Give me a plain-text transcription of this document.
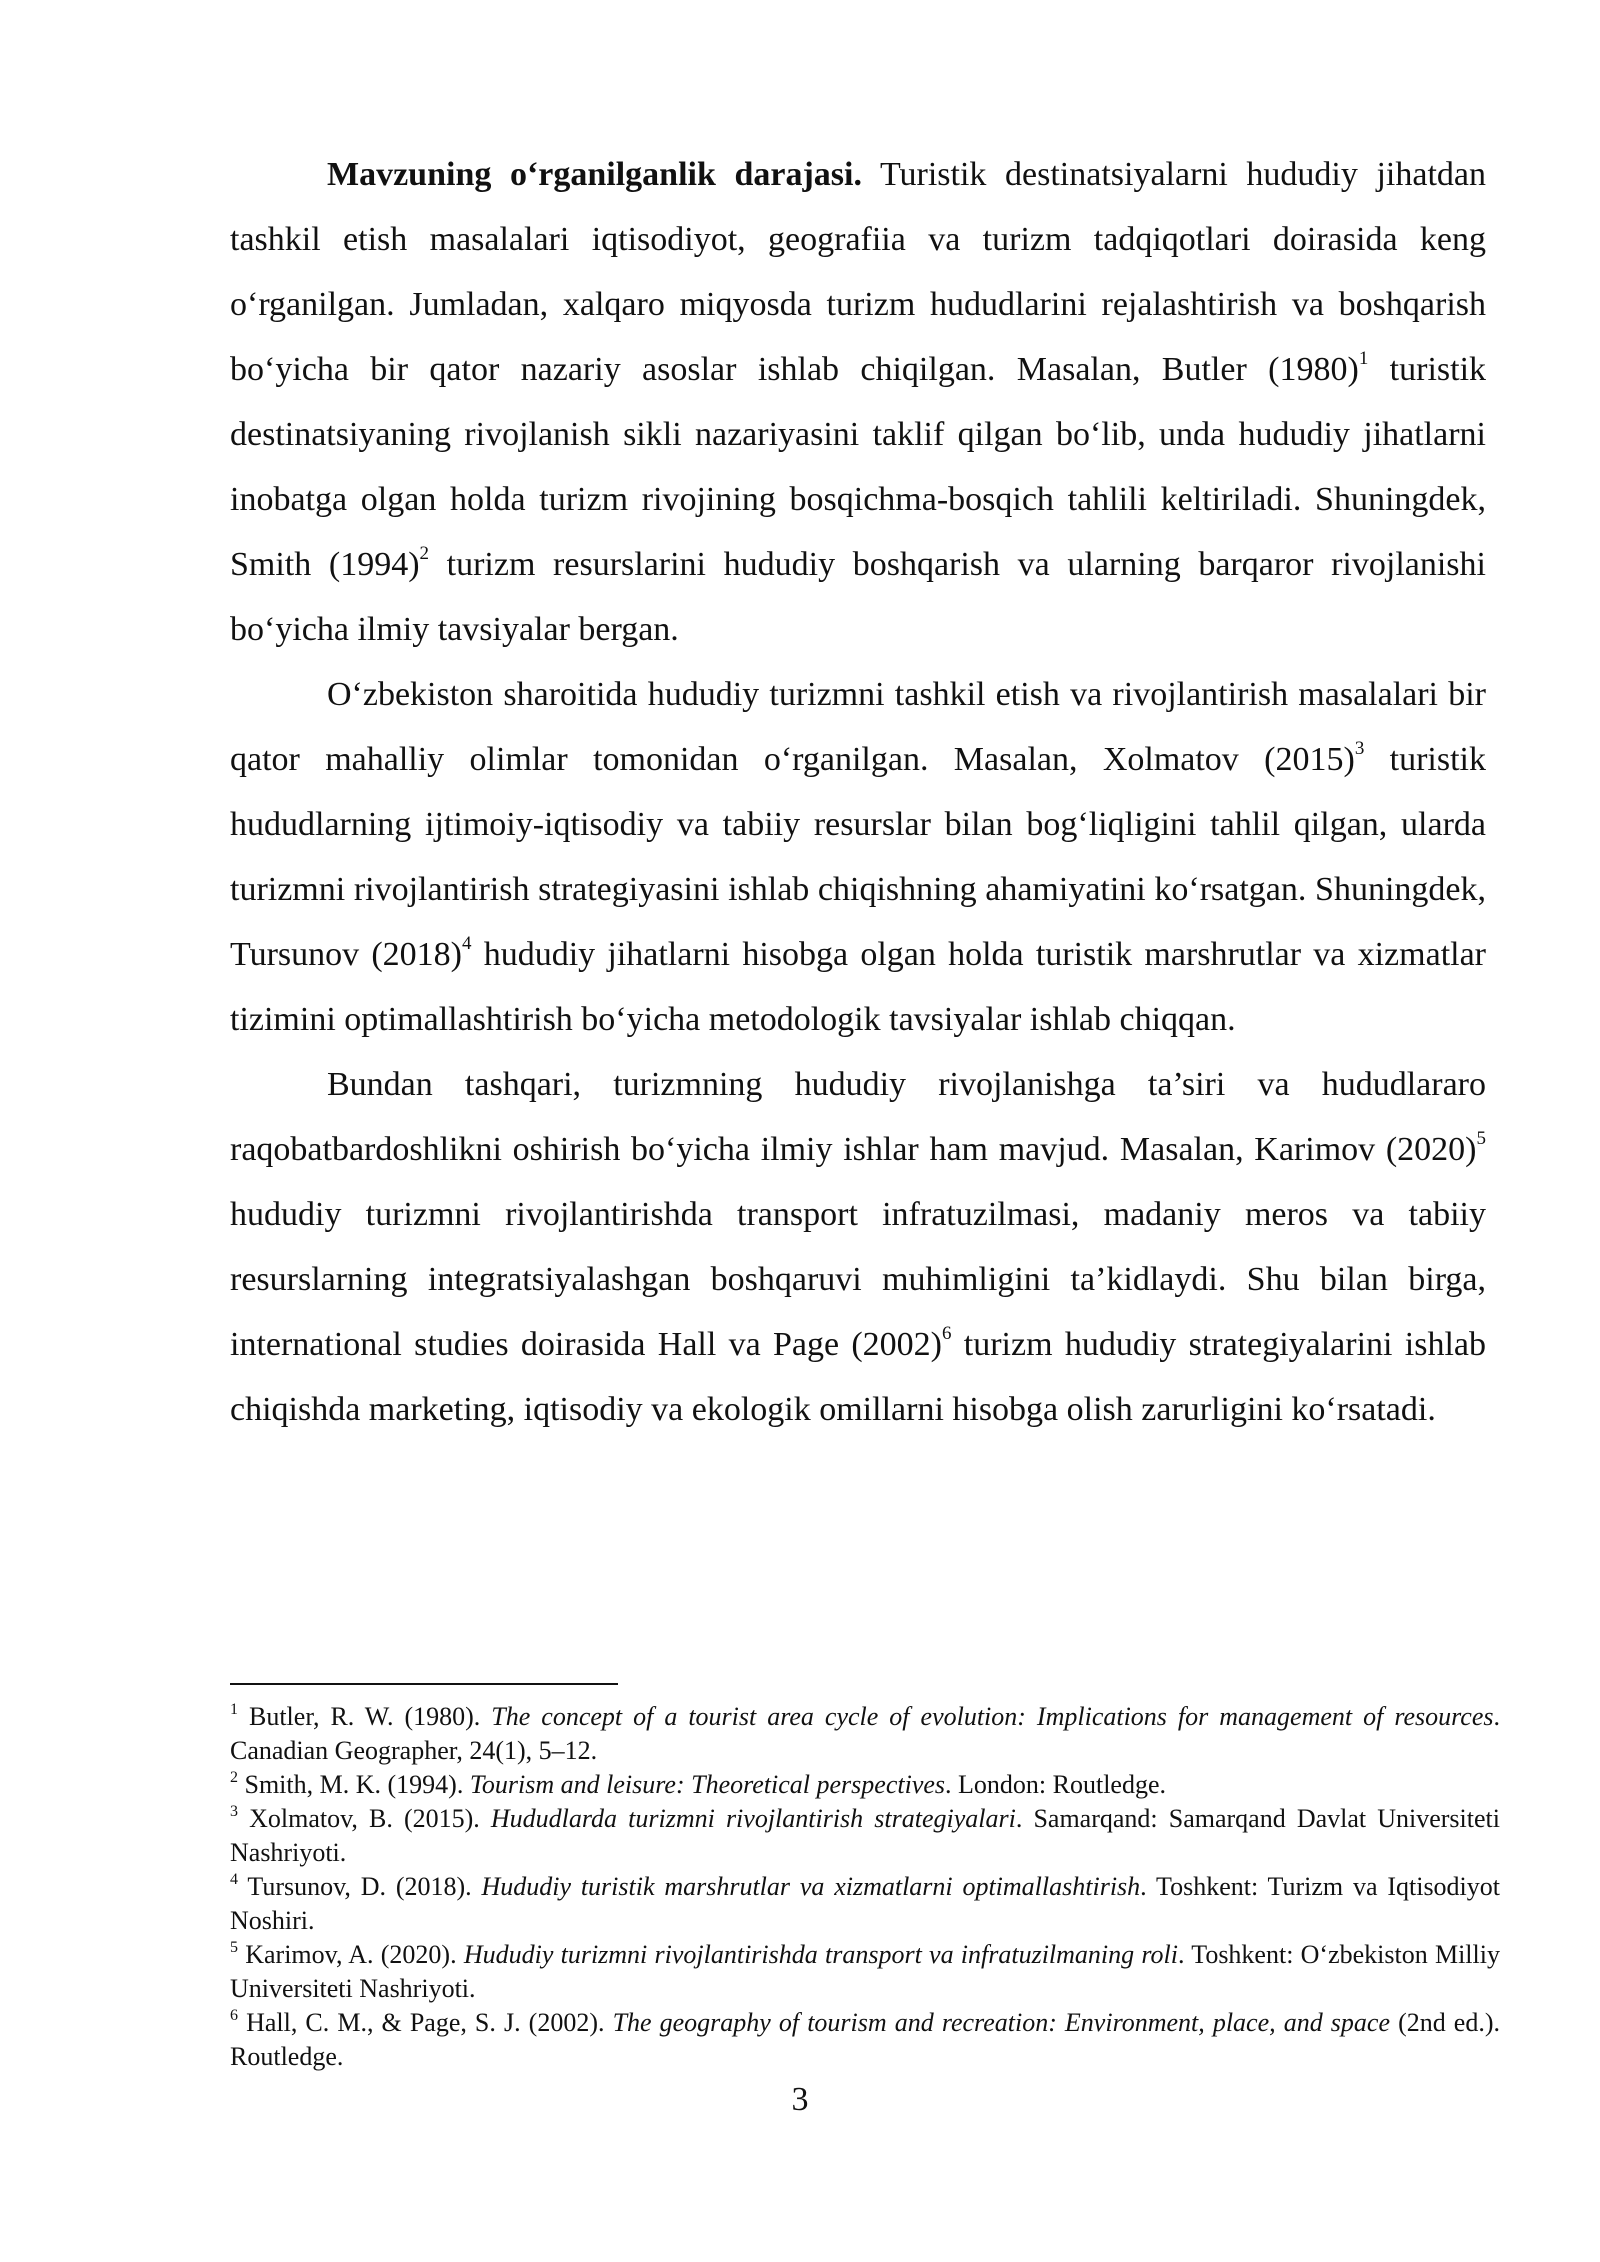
Mavzuning o‘rganilganlik darajasi. Turistik destinatsiyalarni hududiy jihatdan tashkil etish masalalari iqtisodiyot, geografiia va turizm tadqiqotlari doirasida keng o‘rganilgan. Jumladan, xalqaro miqyosda turizm hududlarini rejalashtirish va boshqarish bo‘yicha bir qator nazariy asoslar ishlab chiqilgan. Masalan, Butler (1980)$^1$ turistik destinatsiyaning rivojlanish sikli nazariyasini taklif qilgan bo‘lib, unda hududiy jihatlarni inobatga olgan holda turizm rivojining bosqichma-bosqich tahlili keltiriladi. Shuningdek, Smith (1994)$^2$ turizm resurslarini hududiy boshqarish va ularning barqaror rivojlanishi bo‘yicha ilmiy tavsiyalar bergan.

O‘zbekiston sharoitida hududiy turizmni tashkil etish va rivojlantirish masalalari bir qator mahalliy olimlar tomonidan o‘rganilgan. Masalan, Xolmatov (2015)$^3$ turistik hududlarning ijtimoiy-iqtisodiy va tabiiy resurslar bilan bog‘liqligini tahlil qilgan, ularda turizmni rivojlantirish strategiyasini ishlab chiqishning ahamiyatini ko‘rsatgan. Shuningdek, Tursunov (2018)$^4$ hududiy jihatlarni hisobga olgan holda turistik marshrutlar va xizmatlar tizimini optimallashtirish bo‘yicha metodologik tavsiyalar ishlab chiqqan.

Bundan tashqari, turizmning hududiy rivojlanishga ta’siri va hududlararo raqobatbardoshlikni oshirish bo‘yicha ilmiy ishlar ham mavjud. Masalan, Karimov (2020)$^5$ hududiy turizmni rivojlantirishda transport infratuzilmasi, madaniy meros va tabiiy resurslarning integratsiyalashgan boshqaruvi muhimligini ta’kidlaydi. Shu bilan birga, international studies doirasida Hall va Page (2002)$^6$ turizm hududiy strategiyalarini ishlab chiqishda marketing, iqtisodiy va ekologik omillarni hisobga olish zarurligini ko‘rsatadi.

$^1$ Butler, R. W. (1980). The concept of a tourist area cycle of evolution: Implications for management of resources. Canadian Geographer, 24(1), 5–12.

$^2$ Smith, M. K. (1994). Tourism and leisure: Theoretical perspectives. London: Routledge.

$^3$ Xolmatov, B. (2015). Hududlarda turizmni rivojlantirish strategiyalari. Samarqand: Samarqand Davlat Universiteti Nashriyoti.

$^4$ Tursunov, D. (2018). Hududiy turistik marshrutlar va xizmatlarni optimallashtirish. Toshkent: Turizm va Iqtisodiyot Noshiri.

$^5$ Karimov, A. (2020). Hududiy turizmni rivojlantirishda transport va infratuzilmaning roli. Toshkent: O‘zbekiston Milliy Universiteti Nashriyoti.

$^6$ Hall, C. M., & Page, S. J. (2002). The geography of tourism and recreation: Environment, place, and space (2nd ed.). Routledge.

3
